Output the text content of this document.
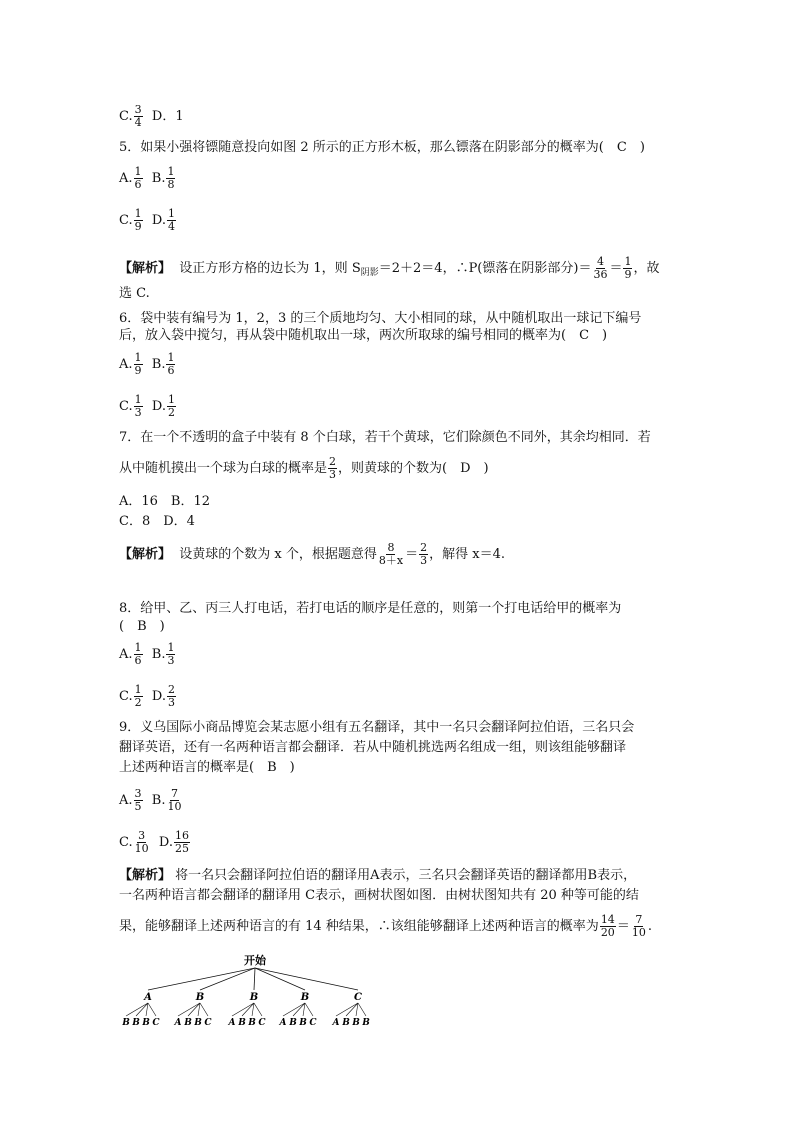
C. $\frac{3}{4}$ D．1
5．如果小强将镖随意投向如图 2 所示的正方形木板，那么镖落在阴影部分的概率为(　C　)
A. $\frac{1}{6} B$. $\frac{1}{8}$
C. $\frac{1}{9} D$. $\frac{1}{4}$
【解析】 设正方形方格的边长为 1，则 $S_{阴影}=2+2=4$，∴P(镖落在阴影部分)＝ $\frac{4}{36} = \frac{1}{9}$ ，故
选 C.
6．袋中装有编号为 1，2，3 的三个质地均匀、大小相同的球，从中随机取出一球记下编号
后，放入袋中搅匀，再从袋中随机取出一球，两次所取球的编号相同的概率为(　C　)
A. $\frac{1}{9} B$. $\frac{1}{6}$
C. $\frac{1}{3} D$. $\frac{1}{2}$
7．在一个不透明的盒子中装有 8 个白球，若干个黄球，它们除颜色不同外，其余均相同．若
从中随机摸出一个球为白球的概率是 $\frac{2}{3}$ ，则黄球的个数为(　D　)
A．16　B．12
C．8　D．4
【解析】 设黄球的个数为 x 个，根据题意得 $\frac{8}{8+x} = \frac{2}{3}$ ，解得 x＝4.
8．给甲、乙、丙三人打电话，若打电话的顺序是任意的，则第一个打电话给甲的概率为
(　B　)
A. $\frac{1}{6} B$. $\frac{1}{3}$
C. $\frac{1}{2} D$. $\frac{2}{3}$
9．义乌国际小商品博览会某志愿小组有五名翻译，其中一名只会翻译阿拉伯语，三名只会
翻译英语，还有一名两种语言都会翻译．若从中随机挑选两名组成一组，则该组能够翻译
上述两种语言的概率是(　B　)
A. $\frac{3}{5} B$. $\frac{7}{10}$
C. $\frac{3}{10} D$. $\frac{16}{25}$
【解析】 将一名只会翻译阿拉伯语的翻译用A表示，三名只会翻译英语的翻译都用B表示，
一名两种语言都会翻译的翻译用 C表示，画树状图如图．由树状图知共有 20 种等可能的结
果，能够翻译上述两种语言的有 14 种结果，∴该组能够翻译上述两种语言的概率为 $\frac{14}{20} = \frac{7}{10}$ .
开始
A
B B B C
B
A B B C
B
A B B C
B
A B B C
C
A B B B
